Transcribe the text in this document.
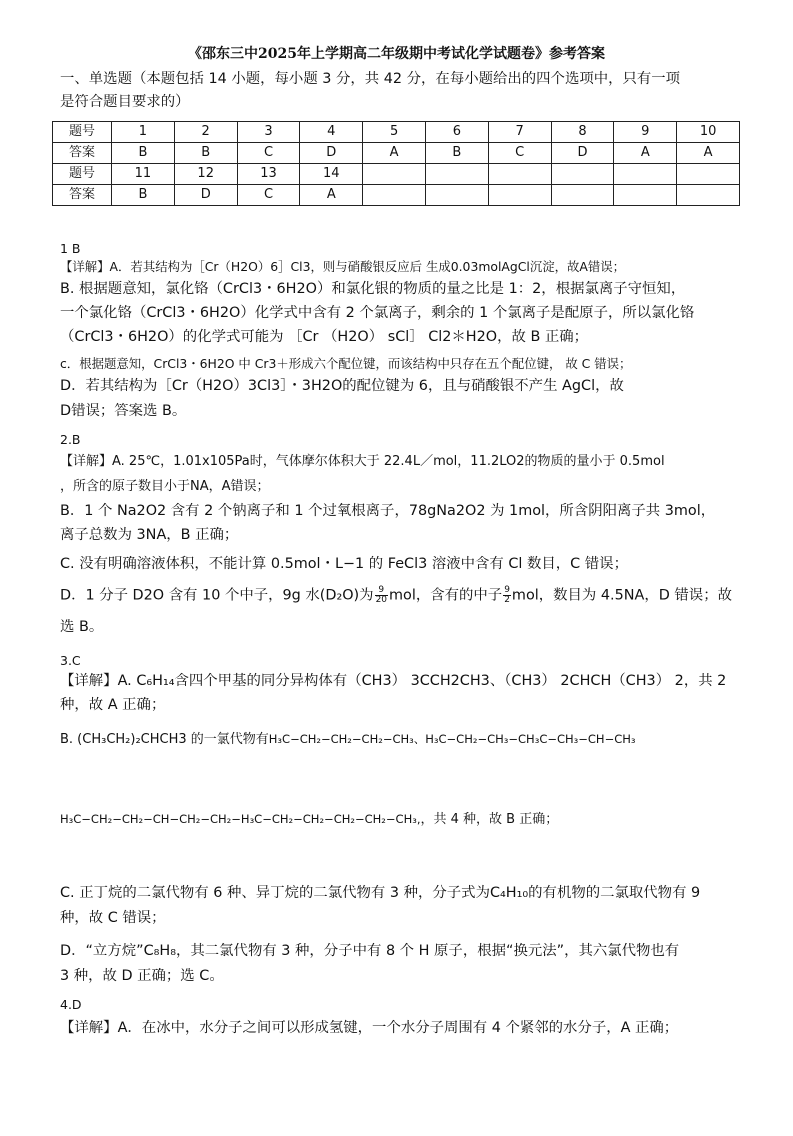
《邵东三中2025年上学期高二年级期中考试化学试题卷》参考答案
一、单选题（本题包括 14 小题，每小题 3 分，共 42 分，在每小题给出的四个选项中，只有一项
是符合题目要求的）
题号	1	2	3	4	5	6	7	8	9	10
答案	B	B	C	D	A	B	C	D	A	A
题号	11	12	13	14						
答案	B	D	C	A						
1 B
【详解】A．若其结构为［Cr（H2O）6］Cl3，则与硝酸银反应后 生成0.03molAgCl沉淀，故A错误；
B. 根据题意知，氯化铬（CrCl3・6H2O）和氯化银的物质的量之比是 1：2，根据氯离子守恒知，
一个氯化铬（CrCl3・6H2O）化学式中含有 2 个氯离子，剩余的 1 个氯离子是配原子，所以氯化铬
（CrCl3・6H2O）的化学式可能为 ［Cr （H2O） sCl］ Cl2＊H2O，故 B 正确；
c．根据题意知，CrCl3・6H2O 中 Cr3＋形成六个配位键，而该结构中只存在五个配位键， 故 C 错误；
D．若其结构为［Cr（H2O）3Cl3］・3H2O的配位键为 6，且与硝酸银不产生 AgCl，故
D错误；答案选 B。
2.B
【详解】A. 25℃，1.01x105Pa时，气体摩尔体积大于 22.4L／mol，11.2LO2的物质的量小于 0.5mol
，所含的原子数目小于NA，A错误；
B．1 个 Na2O2 含有 2 个钠离子和 1 个过氧根离子，78gNa2O2 为 1mol，所含阴阳离子共 3mol，
离子总数为 3NA，B 正确；
C. 没有明确溶液体积，不能计算 0.5mol・L−1 的 FeCl3 溶液中含有 Cl 数目，C 错误；
D．1 分子 D2O 含有 10 个中子，9g 水(D₂O)为 $\frac{9}{20}$ mol，含有的中子 $\frac{9}{2}$ mol，数目为 4.5NA，D 错误；故
选 B。
3.C
【详解】A. C₆H₁₄含四个甲基的同分异构体有（CH3） 3CCH2CH3、（CH3） 2CHCH（CH3） 2，共 2
种，故 A 正确；
B. (CH₃CH₂)₂CHCH3 的一氯代物有H₃C−CH₂−CH₂−CH₂−CH₃、H₃C−CH₂−CH₃−CH₃C−CH₃−CH−CH₃
H₃C−CH₂−CH₂−CH−CH₂−CH₂−H₃C−CH₂−CH₂−CH₂−CH₂−CH₃,，共 4 种，故 B 正确；
C. 正丁烷的二氯代物有 6 种、异丁烷的二氯代物有 3 种，分子式为C₄H₁₀的有机物的二氯取代物有 9
种，故 C 错误；
D．“立方烷”C₈H₈，其二氯代物有 3 种，分子中有 8 个 H 原子，根据“换元法”，其六氯代物也有
3 种，故 D 正确；选 C。
4.D
【详解】A．在冰中，水分子之间可以形成氢键，一个水分子周围有 4 个紧邻的水分子，A 正确；
